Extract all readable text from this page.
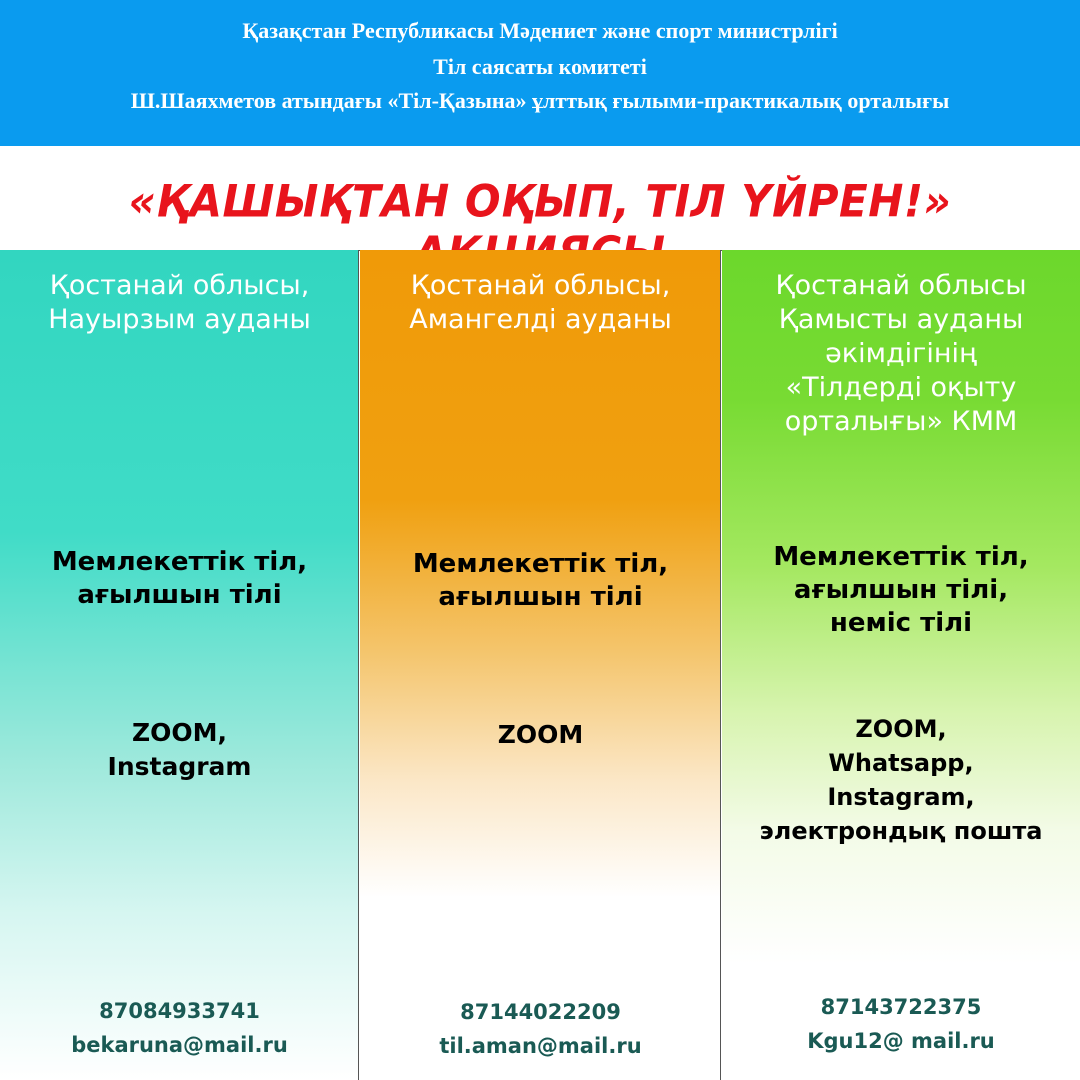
Қазақстан Республикасы Мәдениет және спорт министрлігі
Тіл саясаты комитеті
Ш.Шаяхметов атындағы «Тіл-Қазына» ұлттық ғылыми-практикалық орталығы
«ҚАШЫҚТАН ОҚЫП, ТІЛ ҮЙРЕН!»
Қостанай облысы,
Науырзым ауданы
Мемлекеттік тіл,
ағылшын тілі
ZOOM,
Instagram
87084933741
bekaruna@mail.ru
Қостанай облысы,
Амангелді ауданы
Мемлекеттік тіл,
ағылшын тілі
ZOOM
87144022209
til.aman@mail.ru
Қостанай облысы
Қамысты ауданы
әкімдігінің
«Тілдерді оқыту
орталығы» КММ
Мемлекеттік тіл,
ағылшын тілі,
неміс тілі
ZOOM,
Whatsapp,
Instagram,
электрондық пошта
87143722375
Kgu12@ mail.ru
